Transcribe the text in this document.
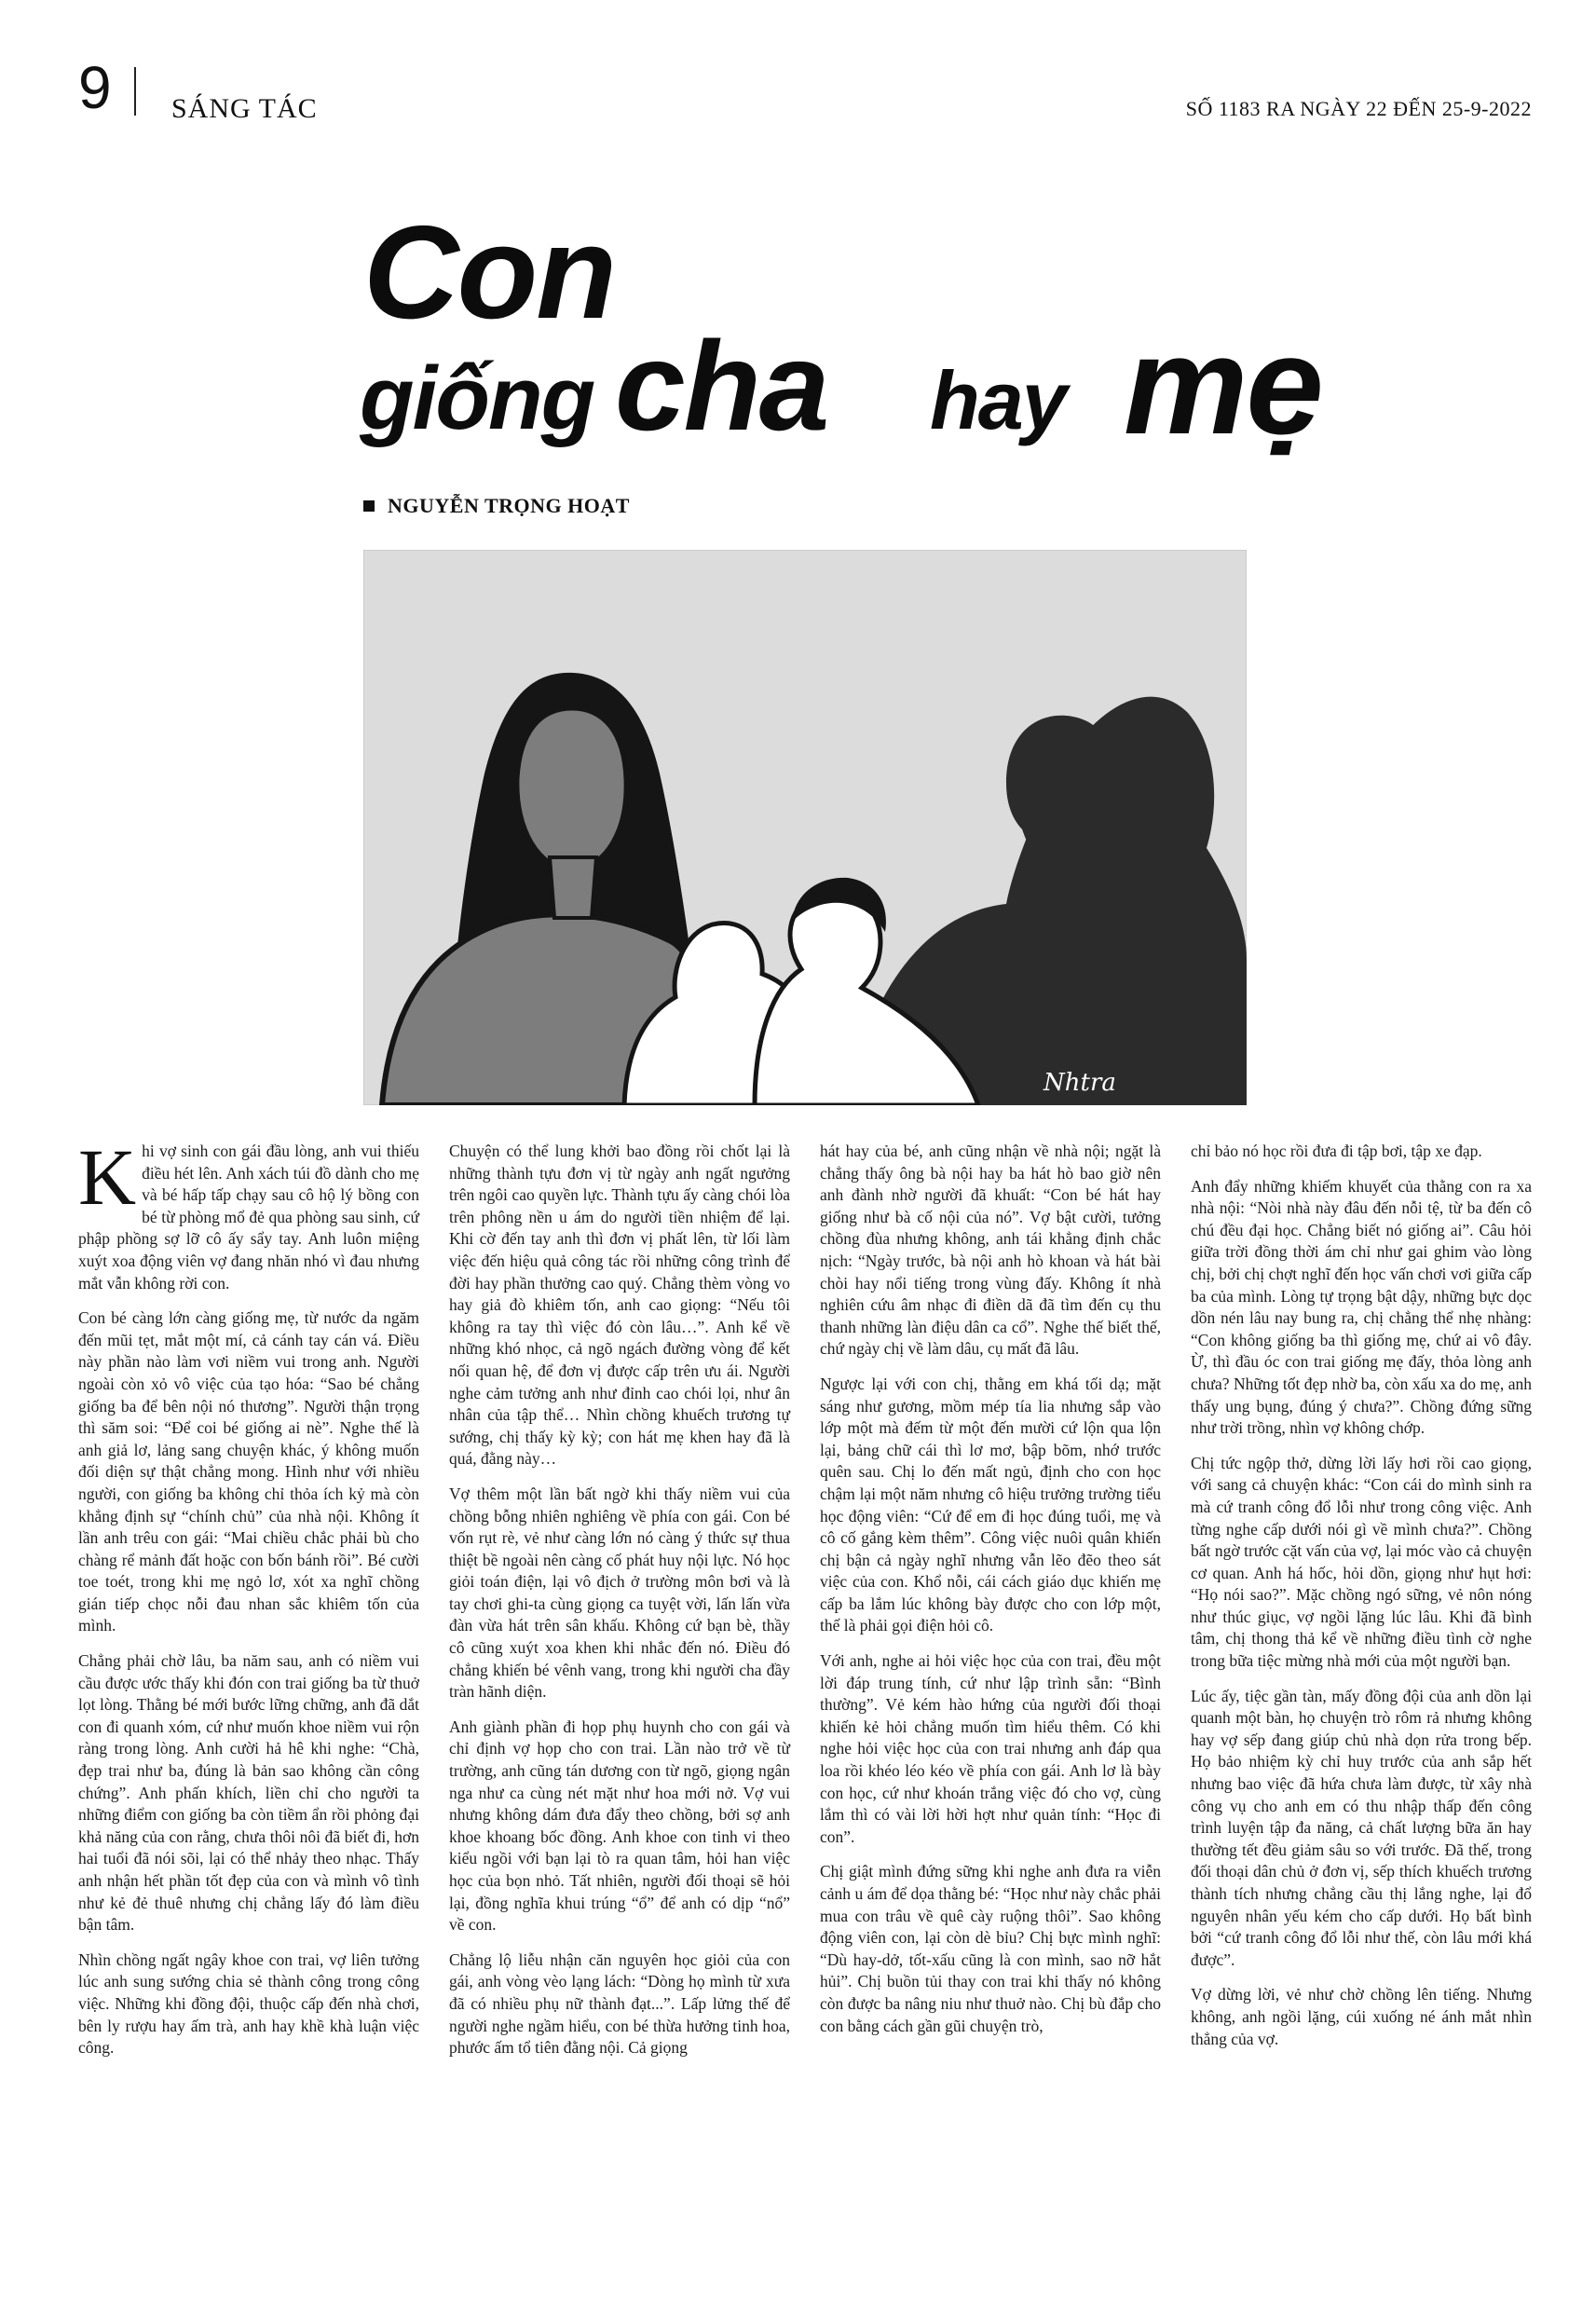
9 SÁNG TÁC	SỐ 1183 RA NGÀY 22 ĐẾN 25-9-2022
Con
giống cha hay mẹ
NGUYỄN TRỌNG HOẠT
Nhtra

Khi vợ sinh con gái đầu lòng, anh vui thiếu điều hét lên. Anh xách túi đồ dành cho mẹ và bé hấp tấp chạy sau cô hộ lý bồng con bé từ phòng mổ đẻ qua phòng sau sinh, cứ phập phồng sợ lỡ cô ấy sẩy tay. Anh luôn miệng xuýt xoa động viên vợ đang nhăn nhó vì đau nhưng mắt vẫn không rời con.

Con bé càng lớn càng giống mẹ, từ nước da ngăm đến mũi tẹt, mắt một mí, cả cánh tay cán vá. Điều này phần nào làm vơi niềm vui trong anh. Người ngoài còn xỏ vô việc của tạo hóa: “Sao bé chẳng giống ba để bên nội nó thương”. Người thận trọng thì săm soi: “Để coi bé giống ai nè”. Nghe thế là anh giả lơ, lảng sang chuyện khác, ý không muốn đối diện sự thật chẳng mong. Hình như với nhiều người, con giống ba không chỉ thỏa ích kỷ mà còn khẳng định sự “chính chủ” của nhà nội. Không ít lần anh trêu con gái: “Mai chiều chắc phải bù cho chàng rể mảnh đất hoặc con bốn bánh rồi”. Bé cười toe toét, trong khi mẹ ngỏ lơ, xót xa nghĩ chồng gián tiếp chọc nỗi đau nhan sắc khiêm tốn của mình.

Chẳng phải chờ lâu, ba năm sau, anh có niềm vui cầu được ước thấy khi đón con trai giống ba từ thuở lọt lòng. Thằng bé mới bước lững chững, anh đã dắt con đi quanh xóm, cứ như muốn khoe niềm vui rộn ràng trong lòng. Anh cười hả hê khi nghe: “Chà, đẹp trai như ba, đúng là bản sao không cần công chứng”. Anh phấn khích, liền chỉ cho người ta những điểm con giống ba còn tiềm ẩn rồi phỏng đại khả năng của con rằng, chưa thôi nôi đã biết đi, hơn hai tuổi đã nói sõi, lại có thể nhảy theo nhạc. Thấy anh nhận hết phần tốt đẹp của con và mình vô tình như kẻ đẻ thuê nhưng chị chẳng lấy đó làm điều bận tâm.

Nhìn chồng ngất ngây khoe con trai, vợ liên tưởng lúc anh sung sướng chia sẻ thành công trong công việc. Những khi đồng đội, thuộc cấp đến nhà chơi, bên ly rượu hay ấm trà, anh hay khề khà luận việc công.

Chuyện có thể lung khởi bao đồng rồi chốt lại là những thành tựu đơn vị từ ngày anh ngất ngưởng trên ngôi cao quyền lực. Thành tựu ấy càng chói lòa trên phông nền u ám do người tiền nhiệm để lại. Khi cờ đến tay anh thì đơn vị phất lên, từ lối làm việc đến hiệu quả công tác rồi những công trình để đời hay phần thưởng cao quý. Chẳng thèm vòng vo hay giả đò khiêm tốn, anh cao giọng: “Nếu tôi không ra tay thì việc đó còn lâu…”. Anh kể về những khó nhọc, cả ngõ ngách đường vòng để kết nối quan hệ, để đơn vị được cấp trên ưu ái. Người nghe cảm tưởng anh như đỉnh cao chói lọi, như ân nhân của tập thể… Nhìn chồng khuếch trương tự sướng, chị thấy kỳ kỳ; con hát mẹ khen hay đã là quá, đằng này…

Vợ thêm một lần bất ngờ khi thấy niềm vui của chồng bỗng nhiên nghiêng về phía con gái. Con bé vốn rụt rè, vẻ như càng lớn nó càng ý thức sự thua thiệt bề ngoài nên càng cố phát huy nội lực. Nó học giỏi toán điện, lại vô địch ở trường môn bơi và là tay chơi ghi-ta cùng giọng ca tuyệt vời, lấn lấn vừa đàn vừa hát trên sân khấu. Không cứ bạn bè, thầy cô cũng xuýt xoa khen khi nhắc đến nó. Điều đó chẳng khiến bé vênh vang, trong khi người cha đầy tràn hãnh diện.

Anh giành phần đi họp phụ huynh cho con gái và chỉ định vợ họp cho con trai. Lần nào trở về từ trường, anh cũng tán dương con từ ngõ, giọng ngân nga như ca cùng nét mặt như hoa mới nở. Vợ vui nhưng không dám đưa đẩy theo chồng, bởi sợ anh khoe khoang bốc đồng. Anh khoe con tinh vi theo kiểu ngồi với bạn lại tò ra quan tâm, hỏi han việc học của bọn nhỏ. Tất nhiên, người đối thoại sẽ hỏi lại, đồng nghĩa khui trúng “ổ” để anh có dịp “nổ” về con.

Chẳng lộ liễu nhận căn nguyên học giỏi của con gái, anh vòng vèo lạng lách: “Dòng họ mình từ xưa đã có nhiều phụ nữ thành đạt...”. Lấp lửng thế để người nghe ngầm hiểu, con bé thừa hưởng tinh hoa, phước ấm tổ tiên đằng nội. Cả giọng

hát hay của bé, anh cũng nhận về nhà nội; ngặt là chẳng thấy ông bà nội hay ba hát hò bao giờ nên anh đành nhờ người đã khuất: “Con bé hát hay giống như bà cố nội của nó”. Vợ bật cười, tưởng chồng đùa nhưng không, anh tái khẳng định chắc nịch: “Ngày trước, bà nội anh hò khoan và hát bài chòi hay nổi tiếng trong vùng đấy. Không ít nhà nghiên cứu âm nhạc đi điền dã đã tìm đến cụ thu thanh những làn điệu dân ca cổ”. Nghe thế biết thế, chứ ngày chị về làm dâu, cụ mất đã lâu.

Ngược lại với con chị, thằng em khá tối dạ; mặt sáng như gương, mồm mép tía lia nhưng sắp vào lớp một mà đếm từ một đến mười cứ lộn qua lộn lại, bảng chữ cái thì lơ mơ, bập bõm, nhớ trước quên sau. Chị lo đến mất ngủ, định cho con học chậm lại một năm nhưng cô hiệu trưởng trường tiểu học động viên: “Cứ để em đi học đúng tuổi, mẹ và cô cố gắng kèm thêm”. Công việc nuôi quân khiến chị bận cả ngày nghĩ nhưng vẫn lẽo đẽo theo sát việc của con. Khổ nỗi, cái cách giáo dục khiến mẹ cấp ba lắm lúc không bày được cho con lớp một, thế là phải gọi điện hỏi cô.

Với anh, nghe ai hỏi việc học của con trai, đều một lời đáp trung tính, cứ như lập trình sẵn: “Bình thường”. Vẻ kém hào hứng của người đối thoại khiến kẻ hỏi chẳng muốn tìm hiểu thêm. Có khi nghe hỏi việc học của con trai nhưng anh đáp qua loa rồi khéo léo kéo về phía con gái. Anh lơ là bày con học, cứ như khoán trắng việc đó cho vợ, cùng lắm thì có vài lời hời hợt như quản tính: “Học đi con”.

Chị giật mình đứng sững khi nghe anh đưa ra viễn cảnh u ám để dọa thằng bé: “Học như này chắc phải mua con trâu về quê cày ruộng thôi”. Sao không động viên con, lại còn dè bỉu? Chị bực mình nghĩ: “Dù hay-dở, tốt-xấu cũng là con mình, sao nỡ hắt hủi”. Chị buồn tủi thay con trai khi thấy nó không còn được ba nâng niu như thuở nào. Chị bù đắp cho con bằng cách gần gũi chuyện trò,

chỉ bảo nó học rồi đưa đi tập bơi, tập xe đạp.

Anh đẩy những khiếm khuyết của thằng con ra xa nhà nội: “Nòi nhà này đâu đến nỗi tệ, từ ba đến cô chú đều đại học. Chẳng biết nó giống ai”. Câu hỏi giữa trời đồng thời ám chỉ như gai ghim vào lòng chị, bởi chị chợt nghĩ đến học vấn chơi vơi giữa cấp ba của mình. Lòng tự trọng bật dậy, những bực dọc dồn nén lâu nay bung ra, chị chẳng thể nhẹ nhàng: “Con không giống ba thì giống mẹ, chứ ai vô đây. Ừ, thì đầu óc con trai giống mẹ đấy, thỏa lòng anh chưa? Những tốt đẹp nhờ ba, còn xấu xa do mẹ, anh thấy ung bụng, đúng ý chưa?”. Chồng đứng sững như trời trồng, nhìn vợ không chớp.

Chị tức ngộp thở, dừng lời lấy hơi rồi cao giọng, với sang cả chuyện khác: “Con cái do mình sinh ra mà cứ tranh công đổ lỗi như trong công việc. Anh từng nghe cấp dưới nói gì về mình chưa?”. Chồng bất ngờ trước cặt vấn của vợ, lại móc vào cả chuyện cơ quan. Anh há hốc, hỏi dồn, giọng như hụt hơi: “Họ nói sao?”. Mặc chồng ngó sững, vẻ nôn nóng như thúc giục, vợ ngồi lặng lúc lâu. Khi đã bình tâm, chị thong thả kể về những điều tình cờ nghe trong bữa tiệc mừng nhà mới của một người bạn.

Lúc ấy, tiệc gần tàn, mấy đồng đội của anh dồn lại quanh một bàn, họ chuyện trò rôm rả nhưng không hay vợ sếp đang giúp chủ nhà dọn rửa trong bếp. Họ bảo nhiệm kỳ chỉ huy trước của anh sắp hết nhưng bao việc đã hứa chưa làm được, từ xây nhà công vụ cho anh em có thu nhập thấp đến công trình luyện tập đa năng, cả chất lượng bữa ăn hay thường tết đều giảm sâu so với trước. Đã thế, trong đối thoại dân chủ ở đơn vị, sếp thích khuếch trương thành tích nhưng chẳng cầu thị lắng nghe, lại đổ nguyên nhân yếu kém cho cấp dưới. Họ bất bình bởi “cứ tranh công đổ lỗi như thế, còn lâu mới khá được”.

Vợ dừng lời, vẻ như chờ chồng lên tiếng. Nhưng không, anh ngồi lặng, cúi xuống né ánh mắt nhìn thẳng của vợ.
